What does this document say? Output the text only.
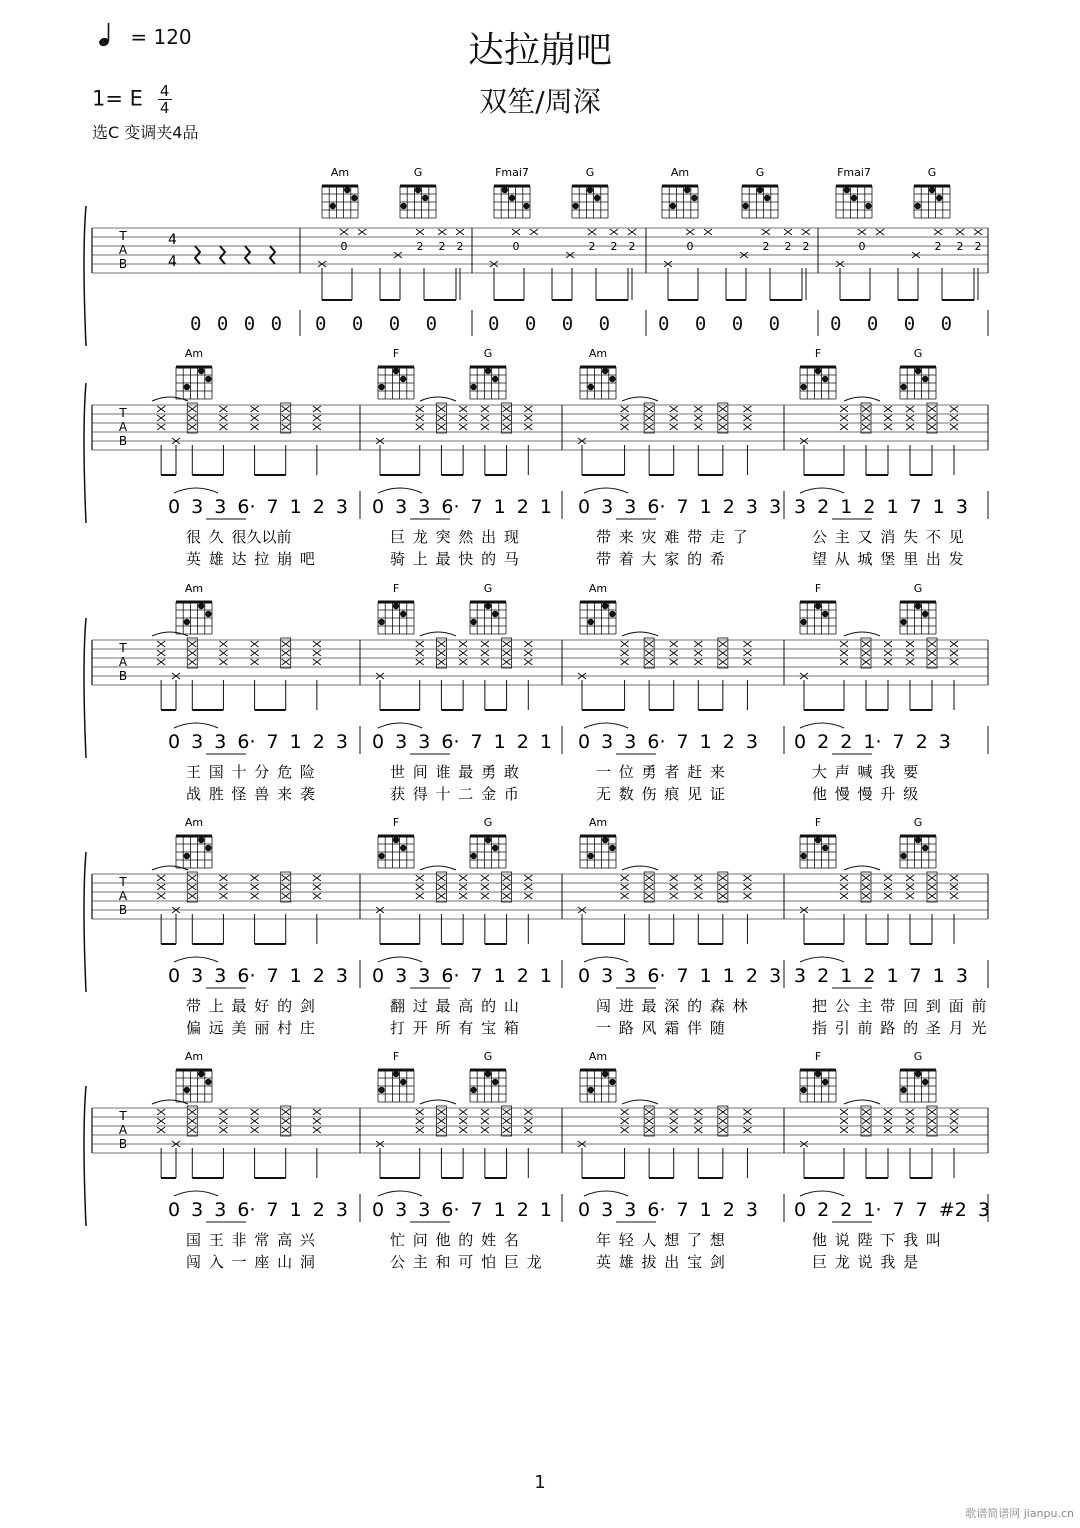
达拉崩吧
双笙/周深
= 120
1= E $\frac{4}{4}$
选C 变调夹4品
T
A
B
4
4
Am	G	Fmai7	G	Am	G	Fmai7	G
0	2 2 2	0	2 2 2	0	2 2 2	0	2 2 2
0 0 0 0 0 0 0 0	0 0 0 0	0 0 0 0	0 0 0 0
T
A
B
Am	F	G	Am	F	G
0 3 3 6· 7 1 2 3 0 3 3 6· 7 1 2 1 0 3 3 6· 7 1 2 3 3 3 2 1 2 1 7 1 3
很 久 很久以前	巨 龙 突 然 出 现	带 来 灾 难 带 走 了	公 主 又 消 失 不 见
英 雄 达 拉 崩 吧	骑 上 最 快 的 马	带 着 大 家 的 希	望 从 城 堡 里 出 发
T
A
B
Am	F	G	Am	F	G
0 3 3 6· 7 1 2 3 0 3 3 6· 7 1 2 1 0 3 3 6· 7 1 2 3 0 2 2 1· 7 2 3
王 国 十 分 危 险	世 间 谁 最 勇 敢	一 位 勇 者 赶 来	大 声 喊 我 要
战 胜 怪 兽 来 袭	获 得 十 二 金 币	无 数 伤 痕 见 证	他 慢 慢 升 级
T
A
B
Am	F	G	Am	F	G
0 3 3 6· 7 1 2 3 0 3 3 6· 7 1 2 1 0 3 3 6· 7 1 1 2 3 3 2 1 2 1 7 1 3
带 上 最 好 的 剑	翻 过 最 高 的 山	闯 进 最 深 的 森 林	把 公 主 带 回 到 面 前
偏 远 美 丽 村 庄	打 开 所 有 宝 箱	一 路 风 霜 伴 随	指 引 前 路 的 圣 月 光
T
A
B
Am	F	G	Am	F	G
0 3 3 6· 7 1 2 3 0 3 3 6· 7 1 2 1 0 3 3 6· 7 1 2 3 0 2 2 1· 7 7 #2 3
国 王 非 常 高 兴	忙 问 他 的 姓 名	年 轻 人 想 了 想	他 说 陛 下 我 叫
闯 入 一 座 山 洞	公 主 和 可 怕 巨 龙	英 雄 拔 出 宝 剑	巨 龙 说 我 是
1
歌谱简谱网 jianpu.cn
